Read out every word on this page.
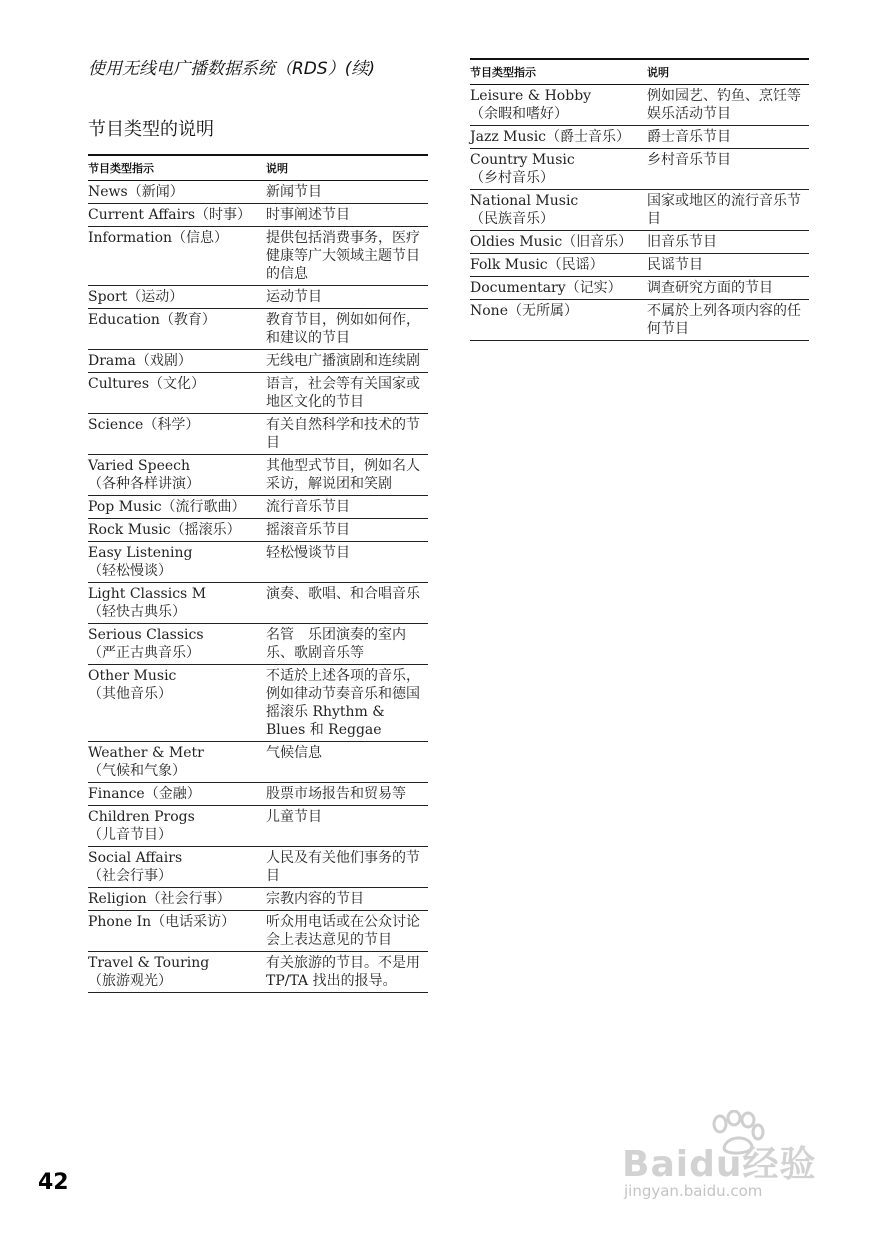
使用无线电广播数据系统（RDS）(续)
节目类型的说明
节目类型指示	说明
News（新闻）	新闻节目
Current Affairs（时事）	时事阐述节目
Information（信息）	提供包括消费事务，医疗健康等广大领域主题节目的信息
Sport（运动）	运动节目
Education（教育）	教育节目，例如如何作，和建议的节目
Drama（戏剧）	无线电广播演剧和连续剧
Cultures（文化）	语言，社会等有关国家或地区文化的节目
Science（科学）	有关自然科学和技术的节目
Varied Speech
（各种各样讲演）	其他型式节目，例如名人采访，解说团和笑剧
Pop Music（流行歌曲）	流行音乐节目
Rock Music（摇滚乐）	摇滚音乐节目
Easy Listening
（轻松慢谈）	轻松慢谈节目
Light Classics M
（轻快古典乐）	演奏、歌唱、和合唱音乐
Serious Classics
（严正古典音乐）	名管　乐团演奏的室内乐、歌剧音乐等
Other Music
（其他音乐）	不适於上述各项的音乐，例如律动节奏音乐和德国摇滚乐 Rhythm & Blues 和 Reggae
Weather & Metr
（气候和气象）	气候信息
Finance（金融）	股票市场报告和贸易等
Children Progs
（儿音节目）	儿童节目
Social Affairs
（社会行事）	人民及有关他们事务的节目
Religion（社会行事）	宗教内容的节目
Phone In（电话采访）	听众用电话或在公众讨论会上表达意见的节目
Travel & Touring
（旅游观光）	有关旅游的节目。不是用 TP/TA 找出的报导。
节目类型指示	说明
Leisure & Hobby
（余暇和嗜好）	例如园艺、钓鱼、烹饪等娱乐活动节目
Jazz Music（爵士音乐）	爵士音乐节目
Country Music
（乡村音乐）	乡村音乐节目
National Music
（民族音乐）	国家或地区的流行音乐节目
Oldies Music（旧音乐）	旧音乐节目
Folk Music（民谣）	民谣节目
Documentary（记实）	调查研究方面的节目
None（无所属）	不属於上列各项内容的任何节目
42	Baidu经验
jingyan.baidu.com
